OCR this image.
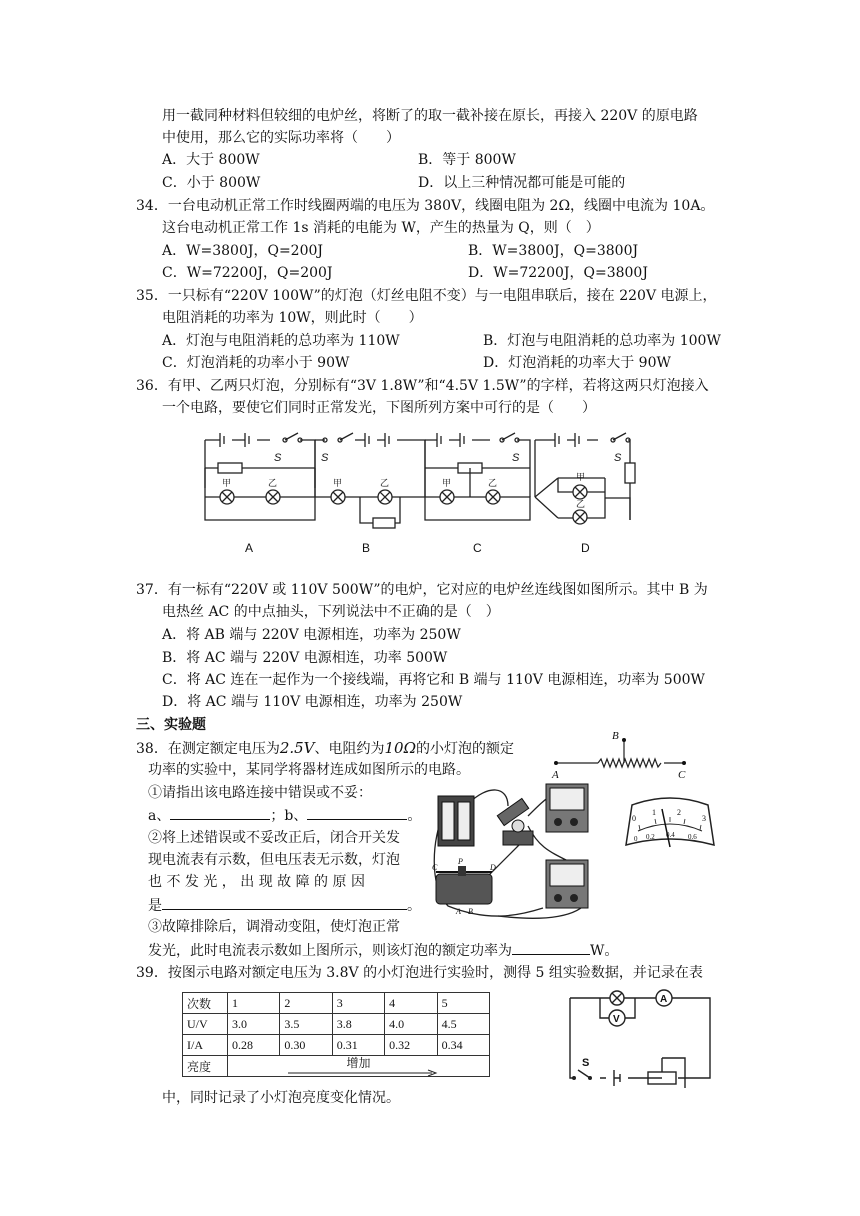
用一截同种材料但较细的电炉丝，将断了的取一截补接在原长，再接入 220V 的原电路
中使用，那么它的实际功率将（　　）
A．大于 800W	B．等于 800W
C．小于 800W	D．以上三种情况都可能是可能的
34．一台电动机正常工作时线圈两端的电压为 380V，线圈电阻为 2Ω，线圈中电流为 10A。
这台电动机正常工作 1s 消耗的电能为 W，产生的热量为 Q，则（　）
A．W=3800J，Q=200J	B．W=3800J，Q=3800J
C．W=72200J，Q=200J	D．W=72200J，Q=3800J
35．一只标有“220V 100W”的灯泡（灯丝电阻不变）与一电阻串联后，接在 220V 电源上，
电阻消耗的功率为 10W，则此时（　　）
A．灯泡与电阻消耗的总功率为 110W	B．灯泡与电阻消耗的总功率为 100W
C．灯泡消耗的功率小于 90W	D．灯泡消耗的功率大于 90W
36．有甲、乙两只灯泡，分别标有“3V 1.8W”和“4.5V 1.5W”的字样，若将这两只灯泡接入
一个电路，要使它们同时正常发光，下图所列方案中可行的是（　　）
S	S	S	S
甲	乙	甲	乙	甲	乙
甲
乙
A	B	C	D
37．有一标有“220V 或 110V 500W”的电炉，它对应的电炉丝连线图如图所示。其中 B 为
电热丝 AC 的中点抽头，下列说法中不正确的是（　）
A．将 AB 端与 220V 电源相连，功率为 250W
B．将 AC 端与 220V 电源相连，功率 500W
C．将 AC 连在一起作为一个接线端，再将它和 B 端与 110V 电源相连，功率为 500W
D．将 AC 端与 110V 电源相连，功率为 250W
三、实验题
38．在测定额定电压为2.5V、电阻约为10Ω的小灯泡的额定
功率的实验中，某同学将器材连成如图所示的电路。
①请指出该电路连接中错误或不妥：
a、	；b、	。
②将上述错误或不妥改正后，闭合开关发
现电流表有示数，但电压表无示数，灯泡
也 不 发 光 ， 出 现 故 障 的 原 因
是	。
③故障排除后，调滑动变阻，使灯泡正常
发光，此时电流表示数如上图所示，则该灯泡的额定功率为	W。
A
B
C
C
P
D
A B
0
1	2
3
0 0.2 0.4 0.6
39．按图示电路对额定电压为 3.8V 的小灯泡进行实验时，测得 5 组实验数据，并记录在表
次数	1	2	3	4	5
U/V	3.0	3.5	3.8	4.0	4.5
I/A	0.28	0.30	0.31	0.32	0.34
亮度	增加				
A
V
S
中，同时记录了小灯泡亮度变化情况。
